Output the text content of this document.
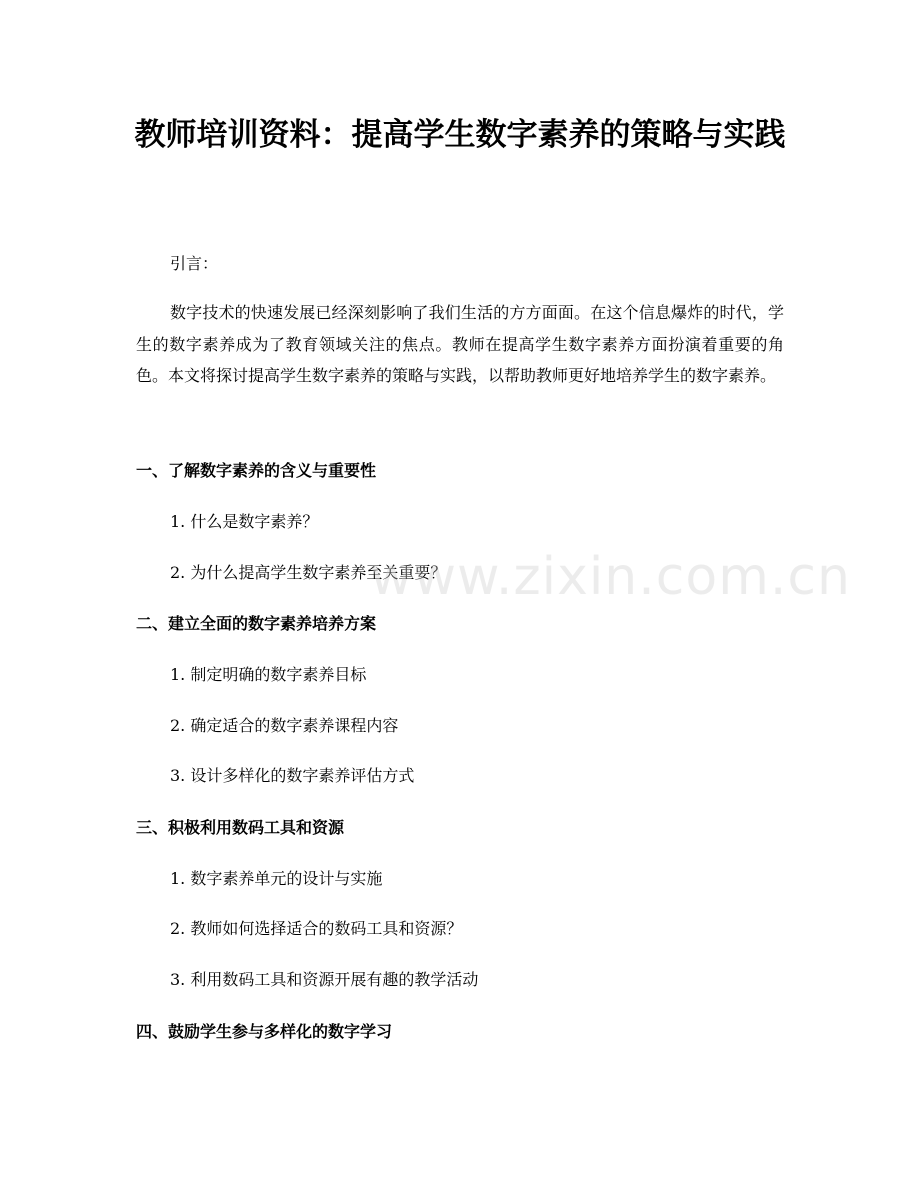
教师培训资料：提高学生数字素养的策略与实践

引言：

数字技术的快速发展已经深刻影响了我们生活的方方面面。在这个信息爆炸的时代，学生的数字素养成为了教育领域关注的焦点。教师在提高学生数字素养方面扮演着重要的角色。本文将探讨提高学生数字素养的策略与实践，以帮助教师更好地培养学生的数字素养。

一、了解数字素养的含义与重要性

1. 什么是数字素养？

2. 为什么提高学生数字素养至关重要？

二、建立全面的数字素养培养方案

1. 制定明确的数字素养目标

2. 确定适合的数字素养课程内容

3. 设计多样化的数字素养评估方式

三、积极利用数码工具和资源

1. 数字素养单元的设计与实施

2. 教师如何选择适合的数码工具和资源？

3. 利用数码工具和资源开展有趣的教学活动

四、鼓励学生参与多样化的数字学习

www.zixin.com.cn
